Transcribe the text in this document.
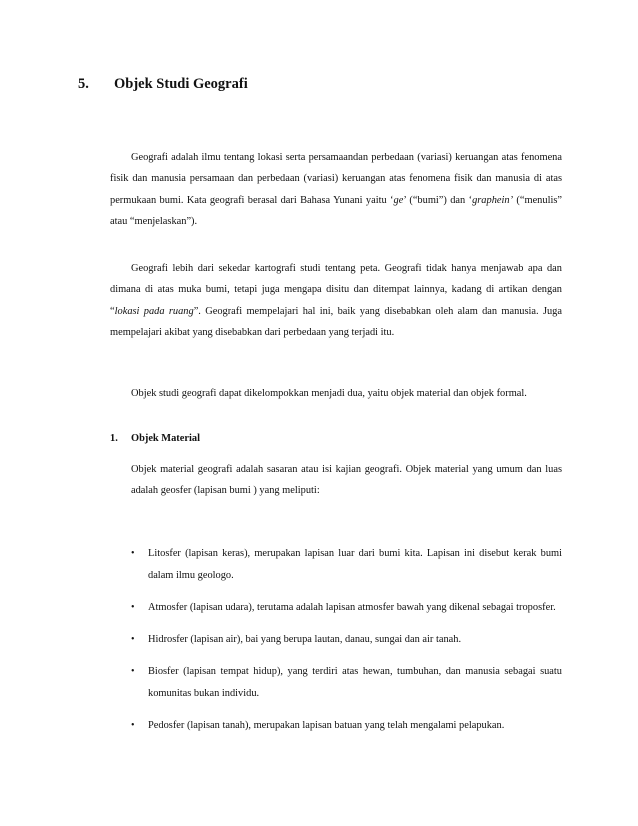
5. Objek Studi Geografi

Geografi adalah ilmu tentang lokasi serta persamaandan perbedaan (variasi) keruangan atas fenomena fisik dan manusia persamaan dan perbedaan (variasi) keruangan atas fenomena fisik dan manusia di atas permukaan bumi. Kata geografi berasal dari Bahasa Yunani yaitu ‘ge’ (“bumi”) dan ‘graphein’ (“menulis” atau “menjelaskan”).

Geografi lebih dari sekedar kartografi studi tentang peta. Geografi tidak hanya menjawab apa dan dimana di atas muka bumi, tetapi juga mengapa disitu dan ditempat lainnya, kadang di artikan dengan “lokasi pada ruang”. Geografi mempelajari hal ini, baik yang disebabkan oleh alam dan manusia. Juga mempelajari akibat yang disebabkan dari perbedaan yang terjadi itu.

Objek studi geografi dapat dikelompokkan menjadi dua, yaitu objek material dan objek formal.

1. Objek Material

Objek material geografi adalah sasaran atau isi kajian geografi. Objek material yang umum dan luas adalah geosfer (lapisan bumi ) yang meliputi:

• Litosfer (lapisan keras), merupakan lapisan luar dari bumi kita. Lapisan ini disebut kerak bumi dalam ilmu geologo.
• Atmosfer (lapisan udara), terutama adalah lapisan atmosfer bawah yang dikenal sebagai troposfer.
• Hidrosfer (lapisan air), bai yang berupa lautan, danau, sungai dan air tanah.
• Biosfer (lapisan tempat hidup), yang terdiri atas hewan, tumbuhan, dan manusia sebagai suatu komunitas bukan individu.
• Pedosfer (lapisan tanah), merupakan lapisan batuan yang telah mengalami pelapukan.
